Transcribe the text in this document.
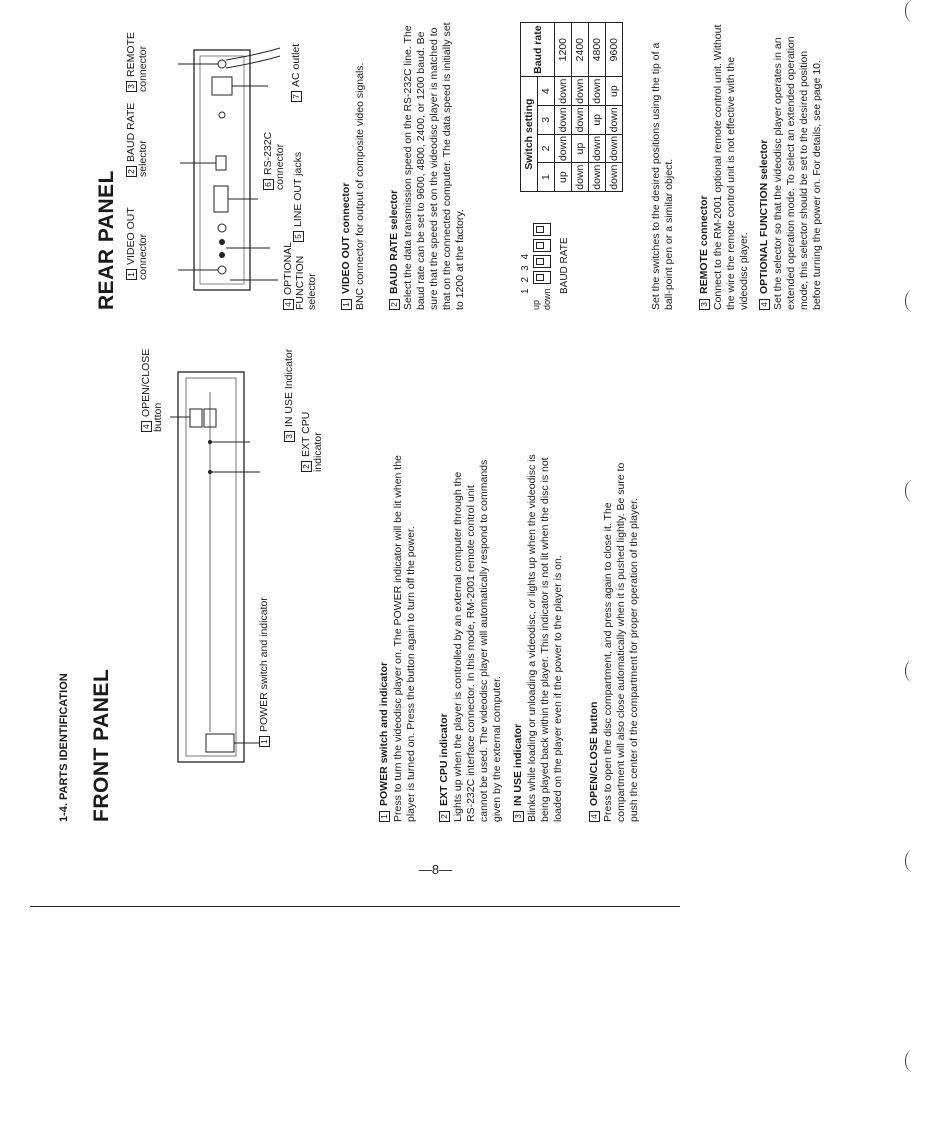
1-4. PARTS IDENTIFICATION FRONT PANEL	1POWER switch and indicator
4OPEN/CLOSE button
3IN USE Indicator
2EXT CPU indicator
1
POWER switch and indicator Press to turn the videodisc player on. The POWER indicator will be lit when the player is turned on. Press the button again to turn off the power.	2
EXT CPU indicator Lights up when the player is controlled by an external computer through the RS-232C interface connector. In this mode, RM-2001 remote control unit cannot be used. The videodisc player will automatically respond to commands given by the external computer. 3
IN USE indicator Blinks while loading or unloading a videodisc, or lights up when the videodisc is being played back within the player. This indicator is not lit when the disc is not loaded on the player even if the power to the player is on.	4
OPEN/CLOSE button Press to open the disc compartment, and press again to close it. The compartment will also close automatically when it is pushed lightly. Be sure to push the center of the compartment for proper operation of the player.
—8—
REAR PANEL 1VIDEO OUT connector
2BAUD RATE selector
3REMOTE connector
4OPTIONAL FUNCTION selector
5LINE OUT jacks
6RS-232C connector
7AC outlet
1
VIDEO OUT connector BNC connector for output of composite video signals.	2
BAUD RATE selector Select the data transmission speed on the RS-232C line. The baud rate can be set to 9600, 4800, 2400, or 1200 baud. Be sure that the speed set on the videodisc player is matched to that on the connected computer. The data speed is initially set to 1200 at the factory.	1234
up down
BAUD RATE
Switch setting				Baud rate
1	2	3	4	
up	down	down	down	1200
down	up	down	down	2400
down	down	up	down	4800
down	down	down	up	9600	Set the switches to the desired positions using the tip of a ball-point pen or a similar object.	3
REMOTE connector Connect to the RM-2001 optional remote control unit. Without the wire the remote control unit is not effective with the videodisc player. 4
OPTIONAL FUNCTION selector Set the selector so that the videodisc player operates in an extended operation mode. To select an extended operation mode, this selector should be set to the desired position before turning the power on. For details, see page 10.
